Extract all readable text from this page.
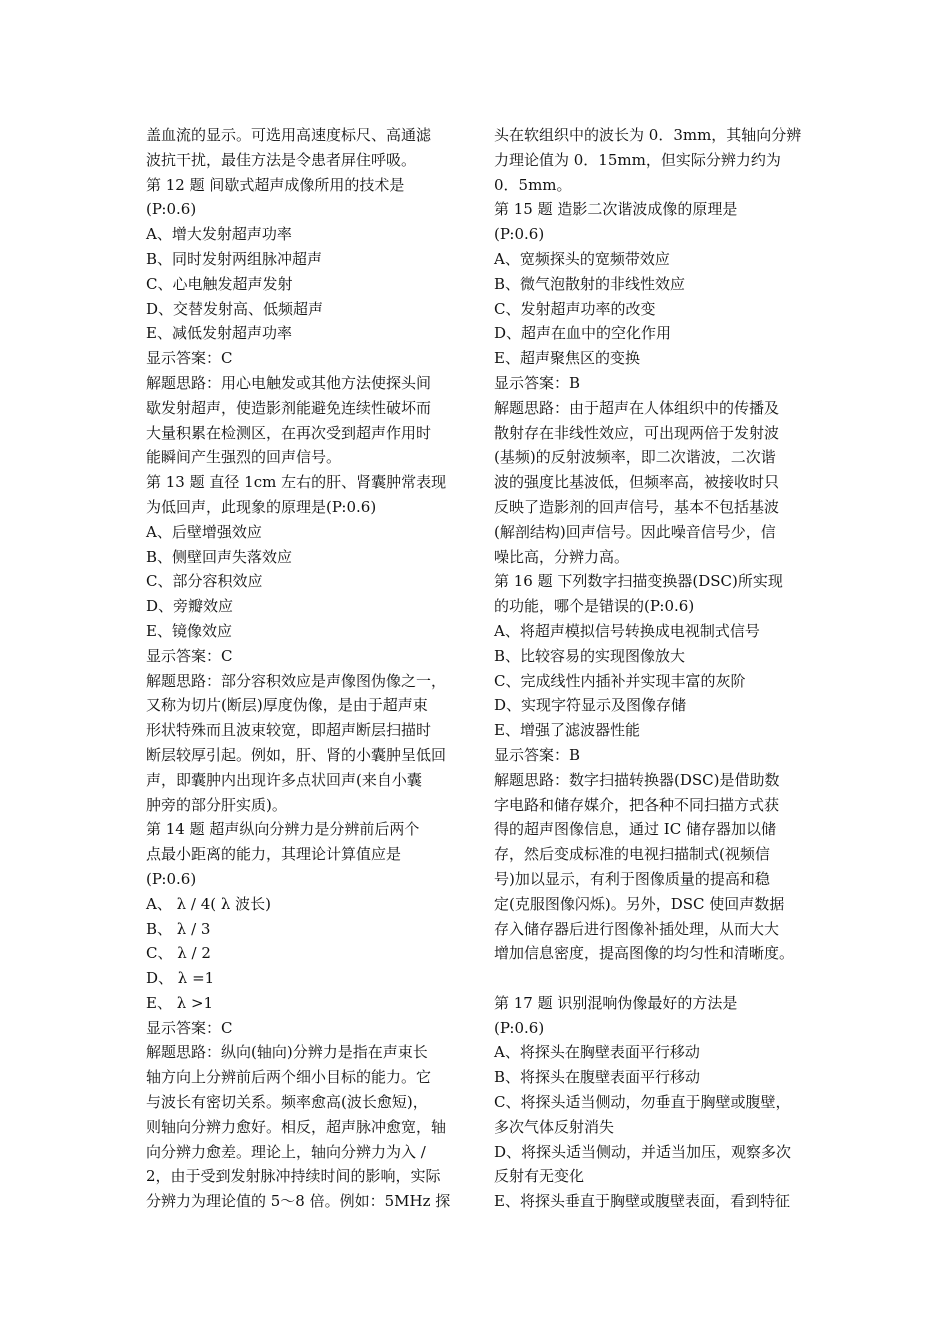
盖血流的显示。可选用高速度标尺、高通滤
波抗干扰，最佳方法是令患者屏住呼吸。
第 12 题 间歇式超声成像所用的技术是
(P:0.6)
A、增大发射超声功率
B、同时发射两组脉冲超声
C、心电触发超声发射
D、交替发射高、低频超声
E、减低发射超声功率
显示答案：C
解题思路：用心电触发或其他方法使探头间
歇发射超声，使造影剂能避免连续性破坏而
大量积累在检测区，在再次受到超声作用时
能瞬间产生强烈的回声信号。
第 13 题 直径 1cm 左右的肝、肾囊肿常表现
为低回声，此现象的原理是(P:0.6)
A、后壁增强效应
B、侧壁回声失落效应
C、部分容积效应
D、旁瓣效应
E、镜像效应
显示答案：C
解题思路：部分容积效应是声像图伪像之一，
又称为切片(断层)厚度伪像，是由于超声束
形状特殊而且波束较宽，即超声断层扫描时
断层较厚引起。例如，肝、肾的小囊肿呈低回
声，即囊肿内出现许多点状回声(来自小囊
肿旁的部分肝实质)。
第 14 题 超声纵向分辨力是分辨前后两个
点最小距离的能力，其理论计算值应是
(P:0.6)
A、 λ / 4( λ 波长)
B、 λ / 3
C、 λ / 2
D、 λ =1
E、 λ >1
显示答案：C
解题思路：纵向(轴向)分辨力是指在声束长
轴方向上分辨前后两个细小目标的能力。它
与波长有密切关系。频率愈高(波长愈短)，
则轴向分辨力愈好。相反，超声脉冲愈宽，轴
向分辨力愈差。理论上，轴向分辨力为入 /
2，由于受到发射脉冲持续时间的影响，实际
分辨力为理论值的 5～8 倍。例如：5MHz 探
头在软组织中的波长为 0．3mm，其轴向分辨
力理论值为 0．15mm，但实际分辨力约为
0．5mm。
第 15 题 造影二次谐波成像的原理是
(P:0.6)
A、宽频探头的宽频带效应
B、微气泡散射的非线性效应
C、发射超声功率的改变
D、超声在血中的空化作用
E、超声聚焦区的变换
显示答案：B
解题思路：由于超声在人体组织中的传播及
散射存在非线性效应，可出现两倍于发射波
(基频)的反射波频率，即二次谐波，二次谐
波的强度比基波低，但频率高，被接收时只
反映了造影剂的回声信号，基本不包括基波
(解剖结构)回声信号。因此噪音信号少，信
噪比高，分辨力高。
第 16 题 下列数字扫描变换器(DSC)所实现
的功能，哪个是错误的(P:0.6)
A、将超声模拟信号转换成电视制式信号
B、比较容易的实现图像放大
C、完成线性内插补并实现丰富的灰阶
D、实现字符显示及图像存储
E、增强了滤波器性能
显示答案：B
解题思路：数字扫描转换器(DSC)是借助数
字电路和储存媒介，把各种不同扫描方式获
得的超声图像信息，通过 IC 储存器加以储
存，然后变成标准的电视扫描制式(视频信
号)加以显示，有利于图像质量的提高和稳
定(克服图像闪烁)。另外，DSC 使回声数据
存入储存器后进行图像补插处理，从而大大
增加信息密度，提高图像的均匀性和清晰度。
第 17 题 识别混响伪像最好的方法是
(P:0.6)
A、将探头在胸壁表面平行移动
B、将探头在腹壁表面平行移动
C、将探头适当侧动，勿垂直于胸壁或腹壁，
多次气体反射消失
D、将探头适当侧动，并适当加压，观察多次
反射有无变化
E、将探头垂直于胸壁或腹壁表面，看到特征
